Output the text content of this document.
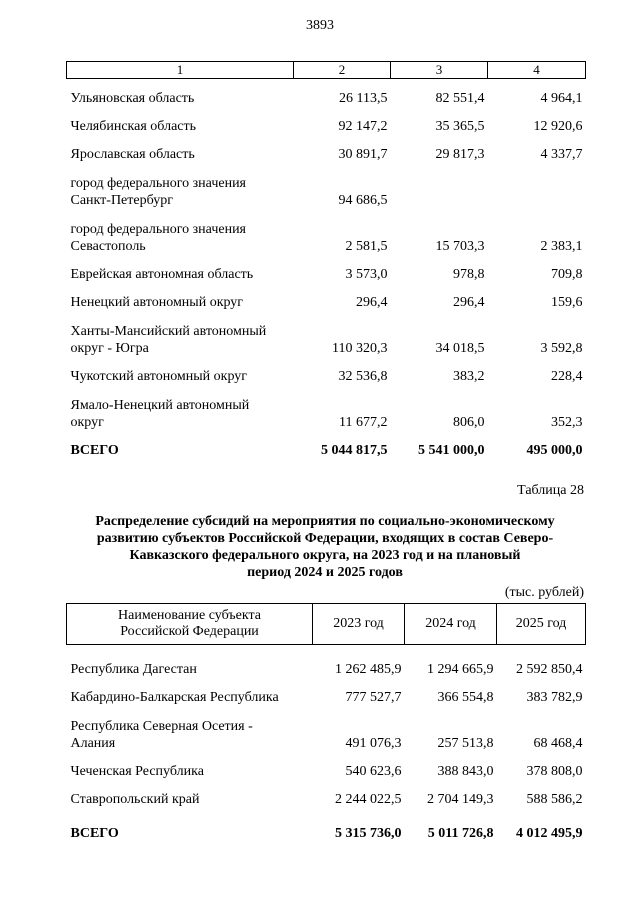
3893
1	2	3	4
Ульяновская область	26 113,5	82 551,4	4 964,1
Челябинская область	92 147,2	35 365,5	12 920,6
Ярославская область	30 891,7	29 817,3	4 337,7
город федерального значения
Санкт-Петербург	94 686,5		
город федерального значения
Севастополь	2 581,5	15 703,3	2 383,1
Еврейская автономная область	3 573,0	978,8	709,8
Ненецкий автономный округ	296,4	296,4	159,6
Ханты-Мансийский автономный
округ - Югра	110 320,3	34 018,5	3 592,8
Чукотский автономный округ	32 536,8	383,2	228,4
Ямало-Ненецкий автономный
округ	11 677,2	806,0	352,3
ВСЕГО	5 044 817,5	5 541 000,0	495 000,0
Таблица 28
Распределение субсидий на мероприятия по социально-экономическому
развитию субъектов Российской Федерации, входящих в состав Северо-
Кавказского федерального округа, на 2023 год и на плановый
период 2024 и 2025 годов
(тыс. рублей)
Наименование субъекта
Российской Федерации	2023 год	2024 год	2025 год
Республика Дагестан	1 262 485,9	1 294 665,9	2 592 850,4
Кабардино-Балкарская Республика	777 527,7	366 554,8	383 782,9
Республика Северная Осетия -
Алания	491 076,3	257 513,8	68 468,4
Чеченская Республика	540 623,6	388 843,0	378 808,0
Ставропольский край	2 244 022,5	2 704 149,3	588 586,2
ВСЕГО	5 315 736,0	5 011 726,8	4 012 495,9
